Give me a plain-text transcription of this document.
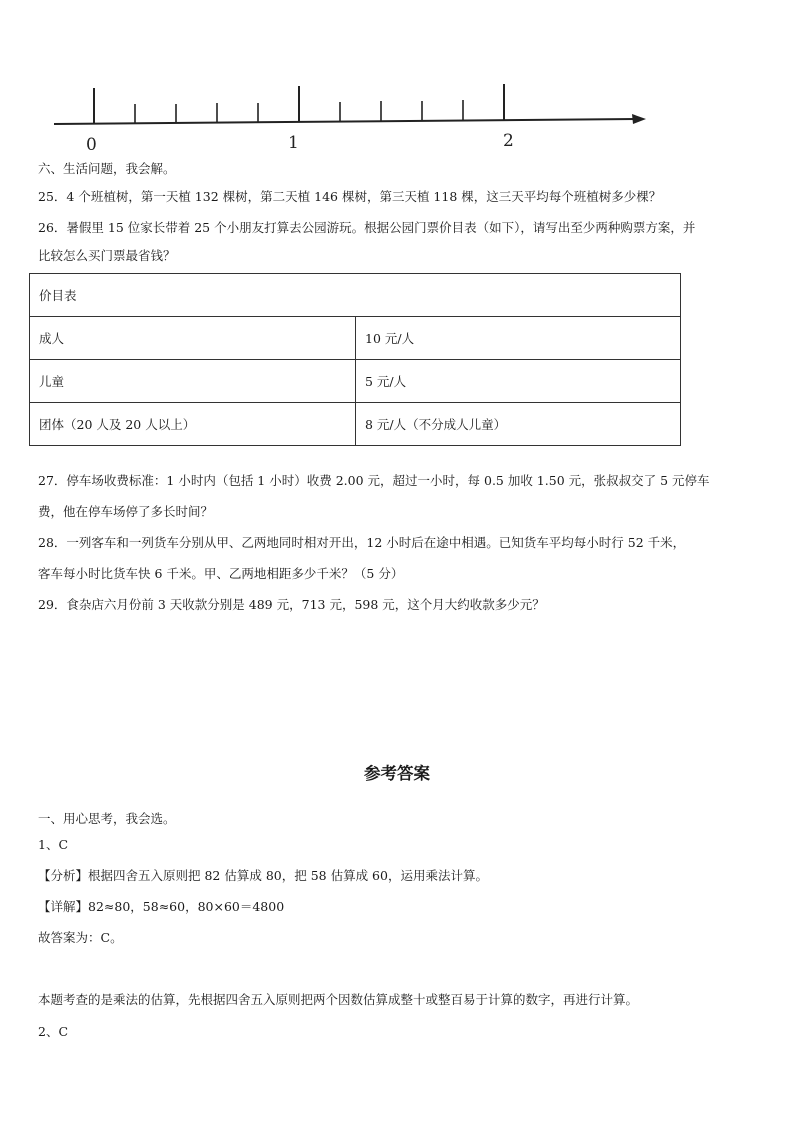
0	1	2
六、生活问题，我会解。
25．4 个班植树，第一天植 132 棵树，第二天植 146 棵树，第三天植 118 棵，这三天平均每个班植树多少棵？
26．暑假里 15 位家长带着 25 个小朋友打算去公园游玩。根据公园门票价目表（如下），请写出至少两种购票方案，并
比较怎么买门票最省钱？
价目表	
成人	10 元/人
儿童	5 元/人
团体（20 人及 20 人以上）	8 元/人（不分成人儿童）
27．停车场收费标准：1 小时内（包括 1 小时）收费 2.00 元，超过一小时，每 0.5 加收 1.50 元，张叔叔交了 5 元停车
费，他在停车场停了多长时间？
28．一列客车和一列货车分别从甲、乙两地同时相对开出，12 小时后在途中相遇。已知货车平均每小时行 52 千米，
客车每小时比货车快 6 千米。甲、乙两地相距多少千米？（5 分）
29．食杂店六月份前 3 天收款分别是 489 元，713 元，598 元，这个月大约收款多少元？
参考答案
一、用心思考，我会选。
1、C
【分析】根据四舍五入原则把 82 估算成 80，把 58 估算成 60，运用乘法计算。
【详解】82≈80，58≈60，80×60＝4800
故答案为：C。
本题考查的是乘法的估算，先根据四舍五入原则把两个因数估算成整十或整百易于计算的数字，再进行计算。
2、C
